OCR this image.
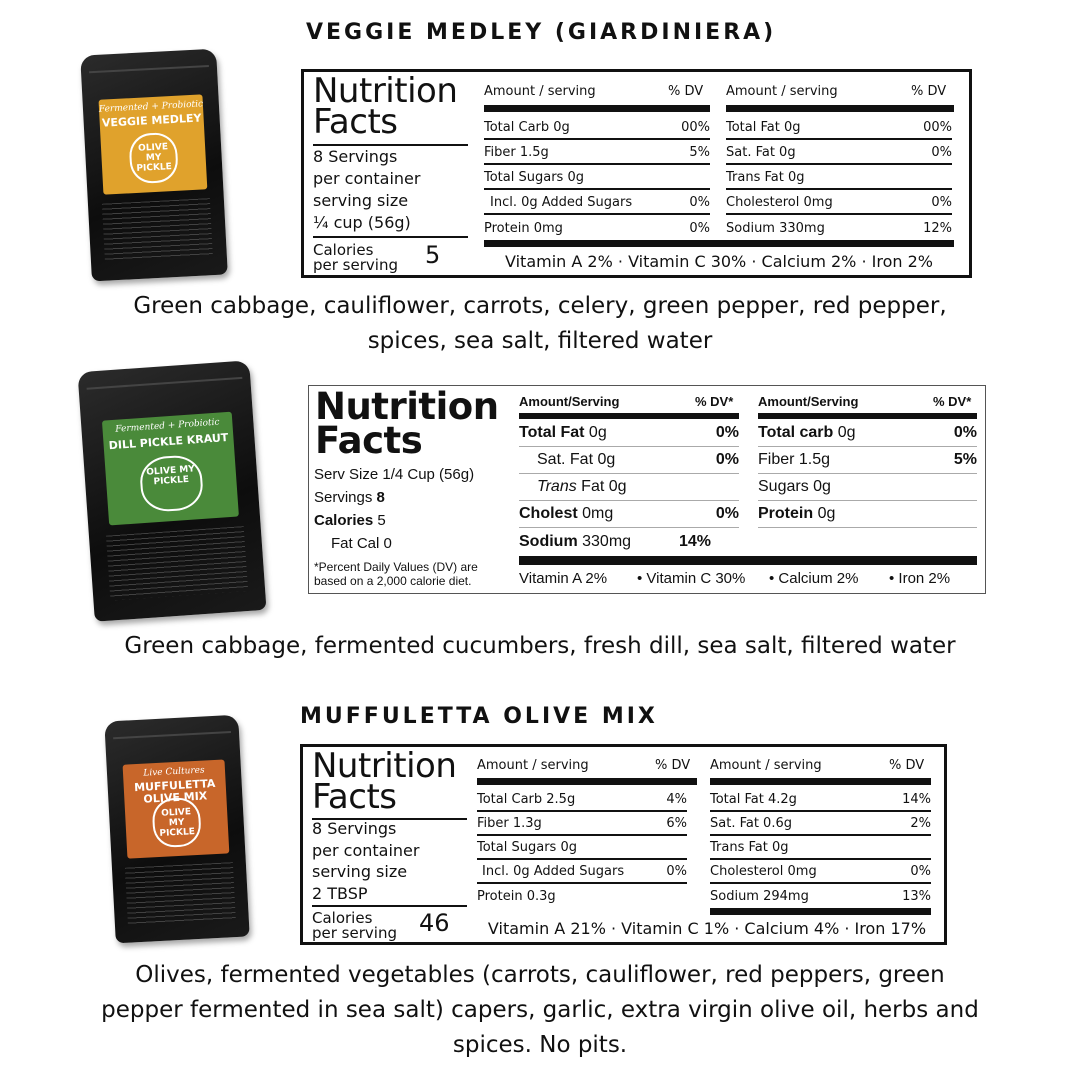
VEGGIE MEDLEY (GIARDINIERA)
Fermented + Probiotic
VEGGIE MEDLEY
OLIVE MY PICKLE
Nutrition
Facts
8 Servings
per container
serving size
¼ cup (56g)
Calories
per serving 5
Amount / serving	% DV Amount / serving	% DV
Total Carb 0g	00%
Fiber 1.5g	5%
Total Sugars 0g
Incl. 0g Added Sugars	0%
Protein 0mg	0%
Total Fat 0g	00%
Sat. Fat 0g	0%
Trans Fat 0g
Cholesterol 0mg	0%
Sodium 330mg	12%
Vitamin A 2% · Vitamin C 30% · Calcium 2% · Iron 2%
Green cabbage, cauliflower, carrots, celery, green pepper, red pepper,
spices, sea salt, filtered water
Fermented + Probiotic
DILL PICKLE KRAUT
OLIVE MY PICKLE
Nutrition
Facts
Serv Size 1/4 Cup (56g)
Servings 8
Calories 5
Fat Cal 0
*Percent Daily Values (DV) are based on a 2,000 calorie diet.
Amount/Serving	% DV* Amount/Serving	% DV*
Total Fat 0g	0%
Sat. Fat 0g	0%
Trans Fat 0g
Cholest 0mg	0%
Sodium 330mg	14%
Total carb 0g	0%
Fiber 1.5g	5%
Sugars 0g
Protein 0g
Vitamin A 2% • Vitamin C 30% • Calcium 2% • Iron 2%
Green cabbage, fermented cucumbers, fresh dill, sea salt, filtered water
MUFFULETTA OLIVE MIX
Live Cultures
MUFFULETTA OLIVE MIX
OLIVE MY PICKLE
Nutrition
Facts
8 Servings
per container
serving size
2 TBSP
Calories
per serving 46
Amount / serving	% DV Amount / serving	% DV
Total Carb 2.5g	4%
Fiber 1.3g	6%
Total Sugars 0g
Incl. 0g Added Sugars	0%
Protein 0.3g
Total Fat 4.2g	14%
Sat. Fat 0.6g	2%
Trans Fat 0g
Cholesterol 0mg	0%
Sodium 294mg	13%
Vitamin A 21% · Vitamin C 1% · Calcium 4% · Iron 17%
Olives, fermented vegetables (carrots, cauliflower, red peppers, green
pepper fermented in sea salt) capers, garlic, extra virgin olive oil, herbs and
spices. No pits.
